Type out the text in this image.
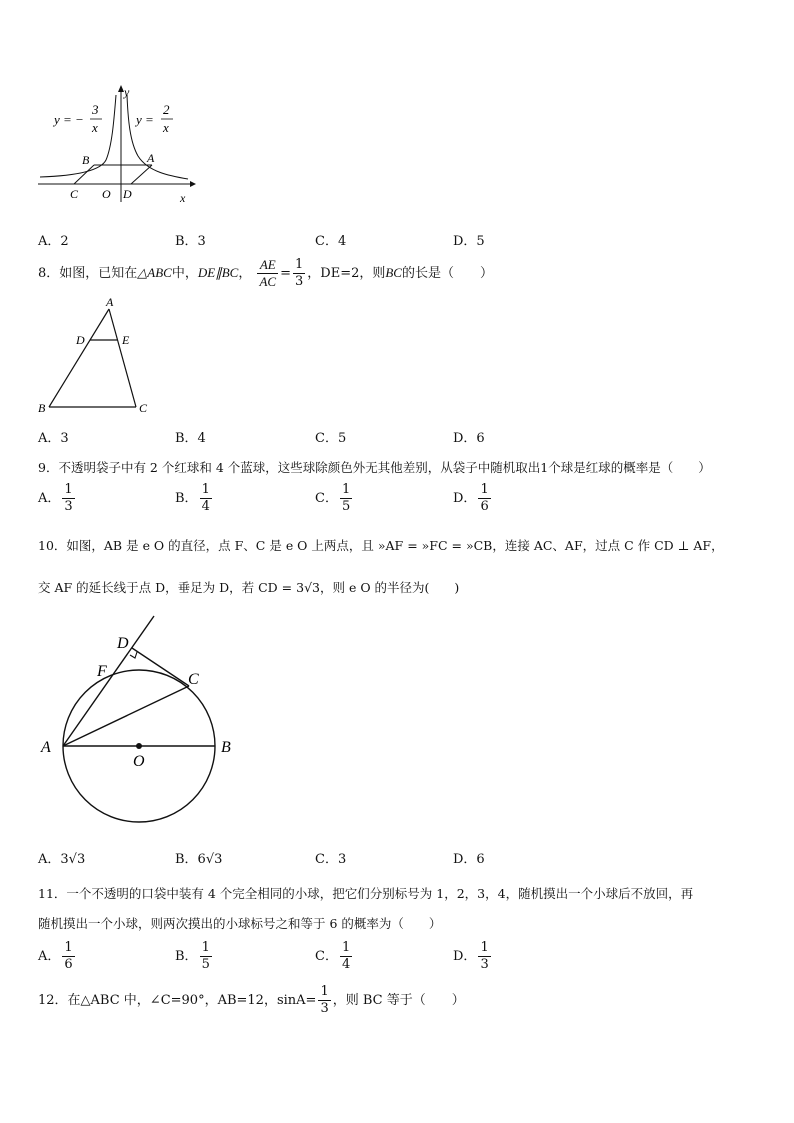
y = −
3
x
y =
2
x
y
x
B	A
C O D
A．2	B．3	C．4	D．5
8．如图，已知在△ABC中，DE∥BC， $\frac{AE}{AC} = \frac{1}{3}$ ，DE=2，则BC的长是（　　）
A
D	E
B	C
A．3	B．4	C．5	D．6
9．不透明袋子中有 2 个红球和 4 个蓝球，这些球除颜色外无其他差别，从袋子中随机取出1个球是红球的概率是（　　）
A． $\frac{1}{3}$	B． $\frac{1}{4}$	C． $\frac{1}{5}$	D． $\frac{1}{6}$
10．如图，AB 是 e O 的直径，点 F、C 是 e O 上两点，且 »AF = »FC = »CB，连接 AC、AF，过点 C 作 CD ⊥ AF，
交 AF 的延长线于点 D，垂足为 D，若 CD = 3√3，则 e O 的半径为(　　)
D
F	C
A	B
O
A．3√3	B．6√3	C．3	D．6
11．一个不透明的口袋中装有 4 个完全相同的小球，把它们分别标号为 1，2，3，4，随机摸出一个小球后不放回，再
随机摸出一个小球，则两次摸出的小球标号之和等于 6 的概率为（　　）
A． $\frac{1}{6}$	B． $\frac{1}{5}$	C． $\frac{1}{4}$	D． $\frac{1}{3}$
12．在△ABC 中，∠C=90°，AB=12，$\sin A= \frac{1}{3}$ ，则 BC 等于（　　）
